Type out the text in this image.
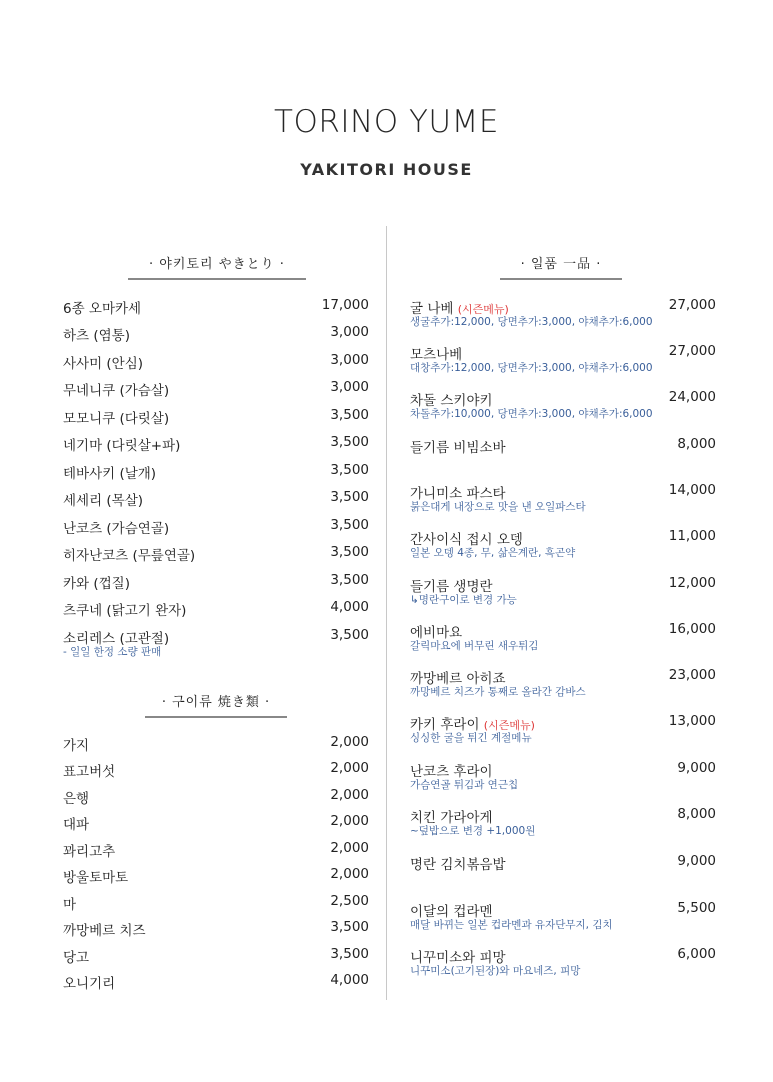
TORINO YUME
YAKITORI HOUSE
· 야키토리 やきとり ·
6종 오마카세	17,000
하츠 (염통)	3,000
사사미 (안심)	3,000
무네니쿠 (가슴살)	3,000
모모니쿠 (다릿살)	3,500
네기마 (다릿살+파)	3,500
테바사키 (날개)	3,500
세세리 (목살)	3,500
난코츠 (가슴연골)	3,500
히자난코츠 (무릎연골)	3,500
카와 (껍질)	3,500
츠쿠네 (닭고기 완자)	4,000
소리레스 (고관절)	3,500
- 일일 한정 소량 판매
· 구이류 焼き類 ·
가지	2,000
표고버섯	2,000
은행	2,000
대파	2,000
꽈리고추	2,000
방울토마토	2,000
마	2,500
까망베르 치즈	3,500
당고	3,500
오니기리	4,000
· 일품 一品 ·
굴 나베 (시즌메뉴)	27,000
생굴추가:12,000, 당면추가:3,000, 야채추가:6,000
모츠나베	27,000
대창추가:12,000, 당면추가:3,000, 야채추가:6,000
차돌 스키야키	24,000
차돌추가:10,000, 당면추가:3,000, 야채추가:6,000
들기름 비빔소바	8,000
가니미소 파스타	14,000
붉은대게 내장으로 맛을 낸 오일파스타
간사이식 접시 오뎅	11,000
일본 오뎅 4종, 무, 삶은계란, 흑곤약
들기름 생명란	12,000
↳명란구이로 변경 가능
에비마요	16,000
갈릭마요에 버무린 새우튀김
까망베르 아히죠	23,000
까망베르 치즈가 통째로 올라간 감바스
카키 후라이 (시즌메뉴)	13,000
싱싱한 굴을 튀긴 계절메뉴
난코츠 후라이	9,000
가슴연골 튀김과 연근칩
치킨 가라아게	8,000
~덮밥으로 변경 +1,000원
명란 김치볶음밥	9,000
이달의 컵라멘	5,500
매달 바뀌는 일본 컵라멘과 유자단무지, 김치
니꾸미소와 피망	6,000
니꾸미소(고기된장)와 마요네즈, 피망
